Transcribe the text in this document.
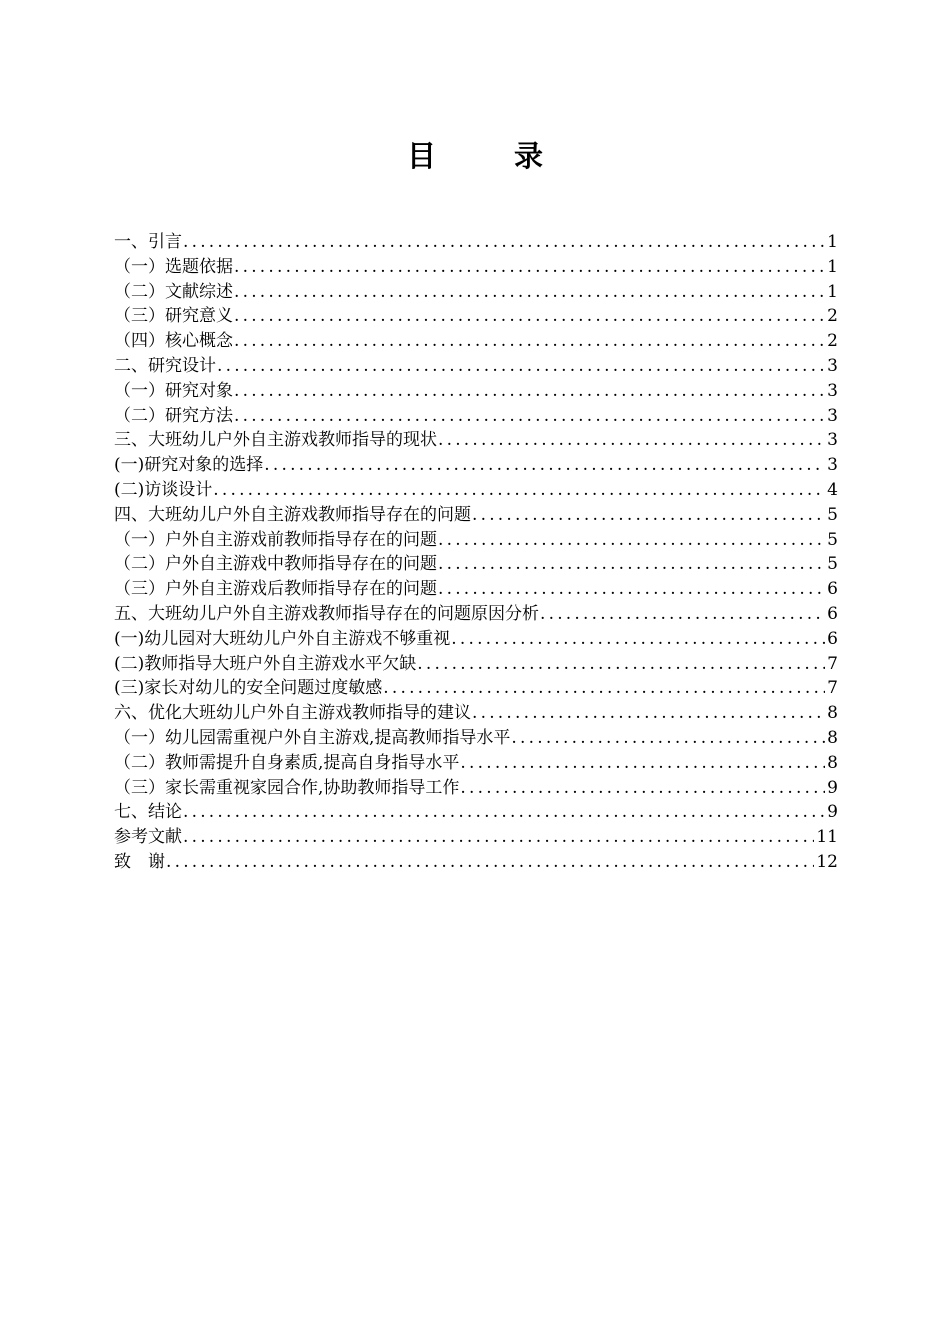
目 录
一、引言 .....	1
（一）选题依据 .....	1
（二）文献综述 .....	1
（三）研究意义 .....	2
（四）核心概念 .....	2
二、研究设计 .....	3
（一）研究对象 .....	3
（二）研究方法 .....	3
三、大班幼儿户外自主游戏教师指导的现状 .....	3
(一)研究对象的选择 .....	3
(二)访谈设计 .....	4
四、大班幼儿户外自主游戏教师指导存在的问题 .....	5
（一）户外自主游戏前教师指导存在的问题 .....	5
（二）户外自主游戏中教师指导存在的问题 .....	5
（三）户外自主游戏后教师指导存在的问题 .....	6
五、大班幼儿户外自主游戏教师指导存在的问题原因分析 .....	6
(一)幼儿园对大班幼儿户外自主游戏不够重视 .....	6
(二)教师指导大班户外自主游戏水平欠缺 .....	7
(三)家长对幼儿的安全问题过度敏感 .....	7
六、优化大班幼儿户外自主游戏教师指导的建议 .....	8
（一）幼儿园需重视户外自主游戏,提高教师指导水平 .....	8
（二）教师需提升自身素质,提高自身指导水平 .....	8
（三）家长需重视家园合作,协助教师指导工作 .....	9
七、结论 .....	9
参考文献 .....	11
致　谢 .....	12
